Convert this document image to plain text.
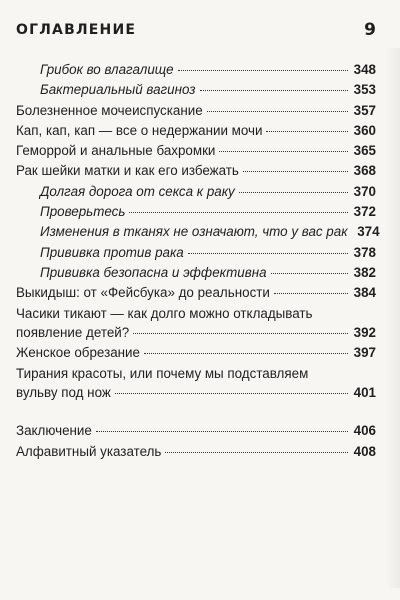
ОГЛАВЛЕНИЕ	9
Грибок во влагалище	348
Бактериальный вагиноз	353
Болезненное мочеиспускание	357
Кап, кап, кап — все о недержании мочи	360
Геморрой и анальные бахромки	365
Рак шейки матки и как его избежать	368
Долгая дорога от секса к раку	370
Проверьтесь	372
Изменения в тканях не означают, что у вас рак 374
Прививка против рака	378
Прививка безопасна и эффективна	382
Выкидыш: от «Фейсбука» до реальности	384
Часики тикают — как долго можно откладывать
появление детей?	392
Женское обрезание	397
Тирания красоты, или почему мы подставляем
вульву под нож	401
Заключение	406
Алфавитный указатель	408
